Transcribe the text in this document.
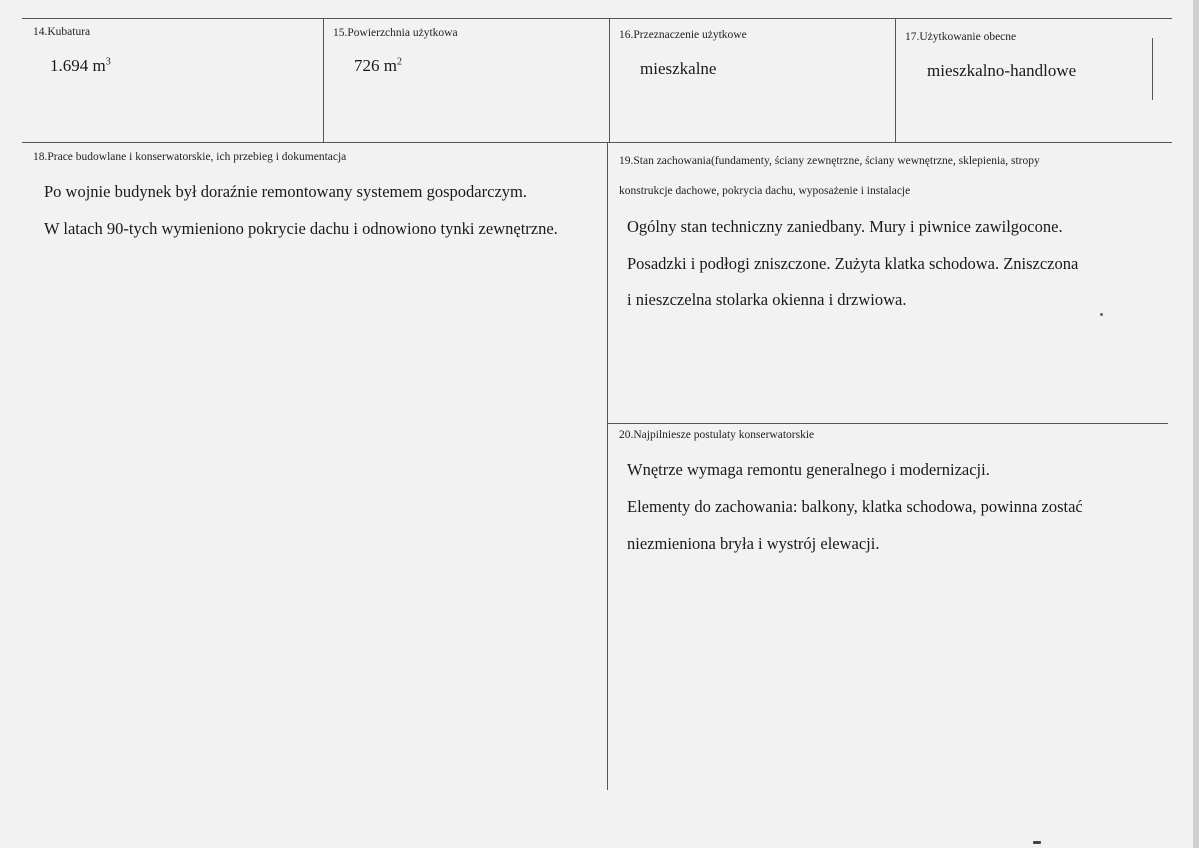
14.Kubatura
1.694 $m^3$
15.Powierzchnia użytkowa
726 $m^2$
16.Przeznaczenie użytkowe
mieszkalne
17.Użytkowanie obecne
mieszkalno-handlowe
18.Prace budowlane i konserwatorskie, ich przebieg i dokumentacja
Po wojnie budynek był doraźnie remontowany systemem gospodarczym.
W latach 90-tych wymieniono pokrycie dachu i odnowiono tynki zewnętrzne.
19.Stan zachowania(fundamenty, ściany zewnętrzne, ściany wewnętrzne, sklepienia, stropy
konstrukcje dachowe, pokrycia dachu, wyposażenie i instalacje
Ogólny stan techniczny zaniedbany. Mury i piwnice zawilgocone.
Posadzki i podłogi zniszczone. Zużyta klatka schodowa. Zniszczona
i nieszczelna stolarka okienna i drzwiowa.
20.Najpilniesze postulaty konserwatorskie
Wnętrze wymaga remontu generalnego i modernizacji.
Elementy do zachowania: balkony, klatka schodowa, powinna zostać
niezmieniona bryła i wystrój elewacji.
